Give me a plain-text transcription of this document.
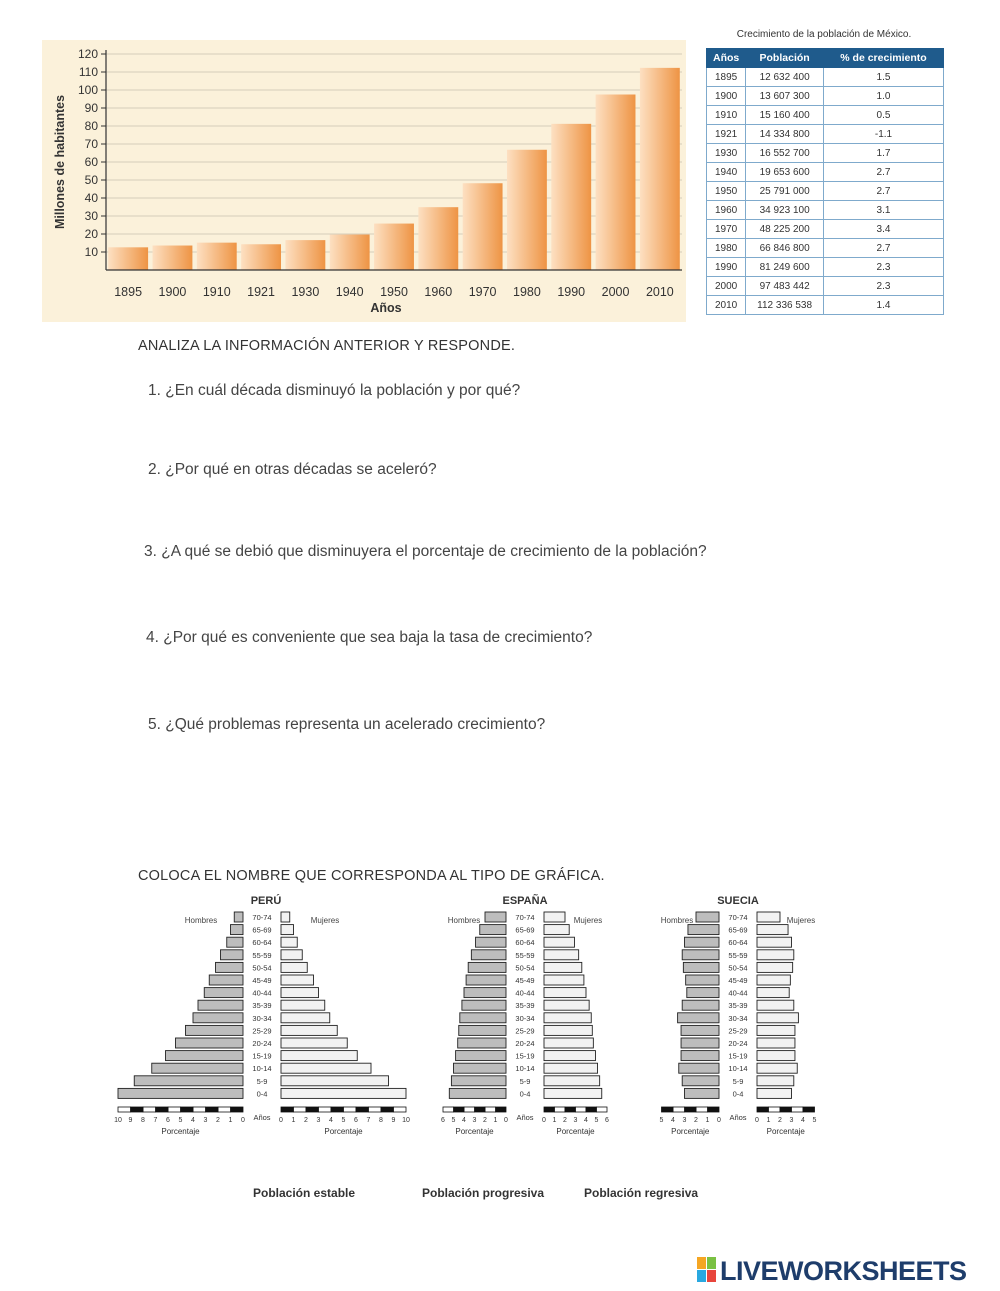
10
20
30
40
50
60
70
80
90
100
110
120
1895 1900 1910 1921 1930 1940 1950 1960 1970 1980 1990 2000 2010
Años
Millones de habitantes
Crecimiento de la población de México.
Años	Población	% de crecimiento
1895	12 632 400	1.5
1900	13 607 300	1.0
1910	15 160 400	0.5
1921	14 334 800	-1.1
1930	16 552 700	1.7
1940	19 653 600	2.7
1950	25 791 000	2.7
1960	34 923 100	3.1
1970	48 225 200	3.4
1980	66 846 800	2.7
1990	81 249 600	2.3
2000	97 483 442	2.3
2010	112 336 538	1.4
ANALIZA LA INFORMACIÓN ANTERIOR Y RESPONDE.
1. ¿En cuál década disminuyó la población y por qué?
2. ¿Por qué en otras décadas se aceleró?
3. ¿A qué se debió que disminuyera el porcentaje de crecimiento de la población?
4. ¿Por qué es conveniente que sea baja la tasa de crecimiento?
5. ¿Qué problemas representa un acelerado crecimiento?
COLOCA EL NOMBRE QUE CORRESPONDA AL TIPO DE GRÁFICA.
PERÚ
Hombres	Mujeres
70-74
65-69
60-64
55-59
50-54
45-49
40-44
35-39
30-34
25-29
20-24
15-19
10-14
5-9
0-4
10 9 8 7 6 5 4 3 2 1 0	0 1 2 3 4 5 6 7 8 9 10
Años
Porcentaje	Porcentaje
ESPAÑA
Hombres	Mujeres
70-74
65-69
60-64
55-59
50-54
45-49
40-44
35-39
30-34
25-29
20-24
15-19
10-14
5-9
0-4
6 5 4 3 2 1 0	0 1 2 3 4 5 6
Años
Porcentaje	Porcentaje
SUECIA
Hombres	Mujeres
70-74
65-69
60-64
55-59
50-54
45-49
40-44
35-39
30-34
25-29
20-24
15-19
10-14
5-9
0-4
5 4 3 2 1 0	0 1 2 3 4 5
Años
Porcentaje	Porcentaje
Población estable	Población progresiva	Población regresiva
LIVEWORKSHEETS
